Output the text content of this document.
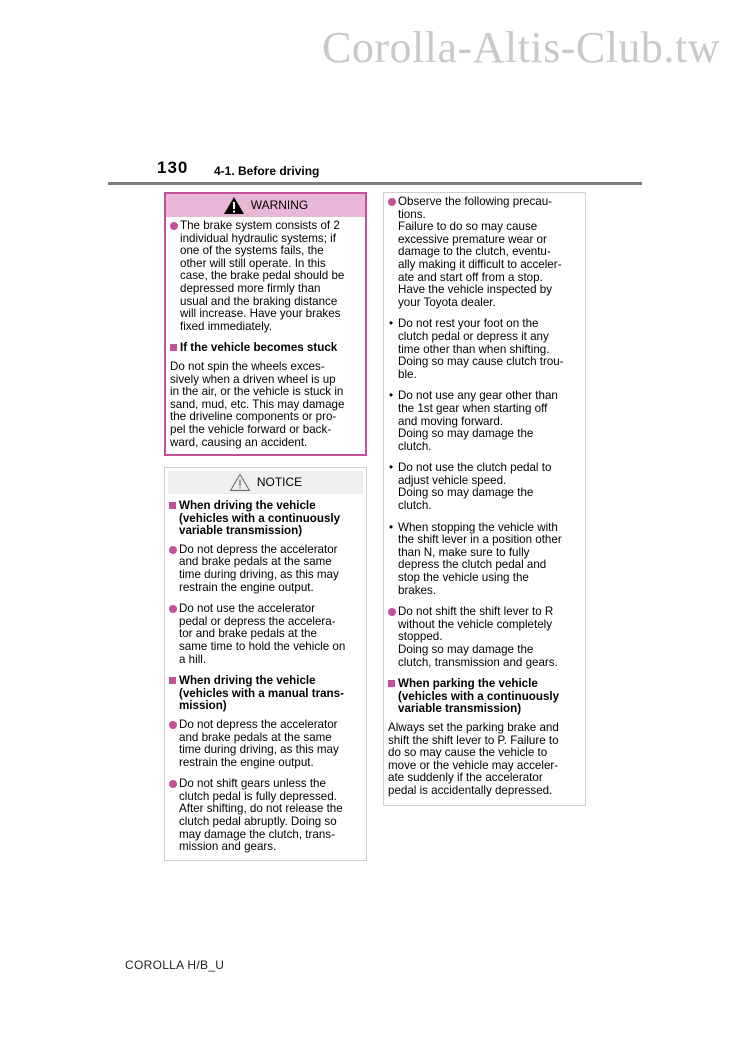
Corolla-Altis-Club.tw
130 4-1. Before driving
WARNING
The brake system consists of 2
individual hydraulic systems; if
one of the systems fails, the
other will still operate. In this
case, the brake pedal should be
depressed more firmly than
usual and the braking distance
will increase. Have your brakes
fixed immediately.
If the vehicle becomes stuck
Do not spin the wheels exces-
sively when a driven wheel is up
in the air, or the vehicle is stuck in
sand, mud, etc. This may damage
the driveline components or pro-
pel the vehicle forward or back-
ward, causing an accident.
NOTICE
When driving the vehicle
(vehicles with a continuously
variable transmission)
Do not depress the accelerator
and brake pedals at the same
time during driving, as this may
restrain the engine output.
Do not use the accelerator
pedal or depress the accelera-
tor and brake pedals at the
same time to hold the vehicle on
a hill.
When driving the vehicle
(vehicles with a manual trans-
mission)
Do not depress the accelerator
and brake pedals at the same
time during driving, as this may
restrain the engine output.
Do not shift gears unless the
clutch pedal is fully depressed.
After shifting, do not release the
clutch pedal abruptly. Doing so
may damage the clutch, trans-
mission and gears.
Observe the following precau-
tions.
Failure to do so may cause
excessive premature wear or
damage to the clutch, eventu-
ally making it difficult to acceler-
ate and start off from a stop.
Have the vehicle inspected by
your Toyota dealer.
• Do not rest your foot on the
clutch pedal or depress it any
time other than when shifting.
Doing so may cause clutch trou-
ble.
• Do not use any gear other than
the 1st gear when starting off
and moving forward.
Doing so may damage the
clutch.
• Do not use the clutch pedal to
adjust vehicle speed.
Doing so may damage the
clutch.
• When stopping the vehicle with
the shift lever in a position other
than N, make sure to fully
depress the clutch pedal and
stop the vehicle using the
brakes.
Do not shift the shift lever to R
without the vehicle completely
stopped.
Doing so may damage the
clutch, transmission and gears.
When parking the vehicle
(vehicles with a continuously
variable transmission)
Always set the parking brake and
shift the shift lever to P. Failure to
do so may cause the vehicle to
move or the vehicle may acceler-
ate suddenly if the accelerator
pedal is accidentally depressed.
COROLLA H/B_U
